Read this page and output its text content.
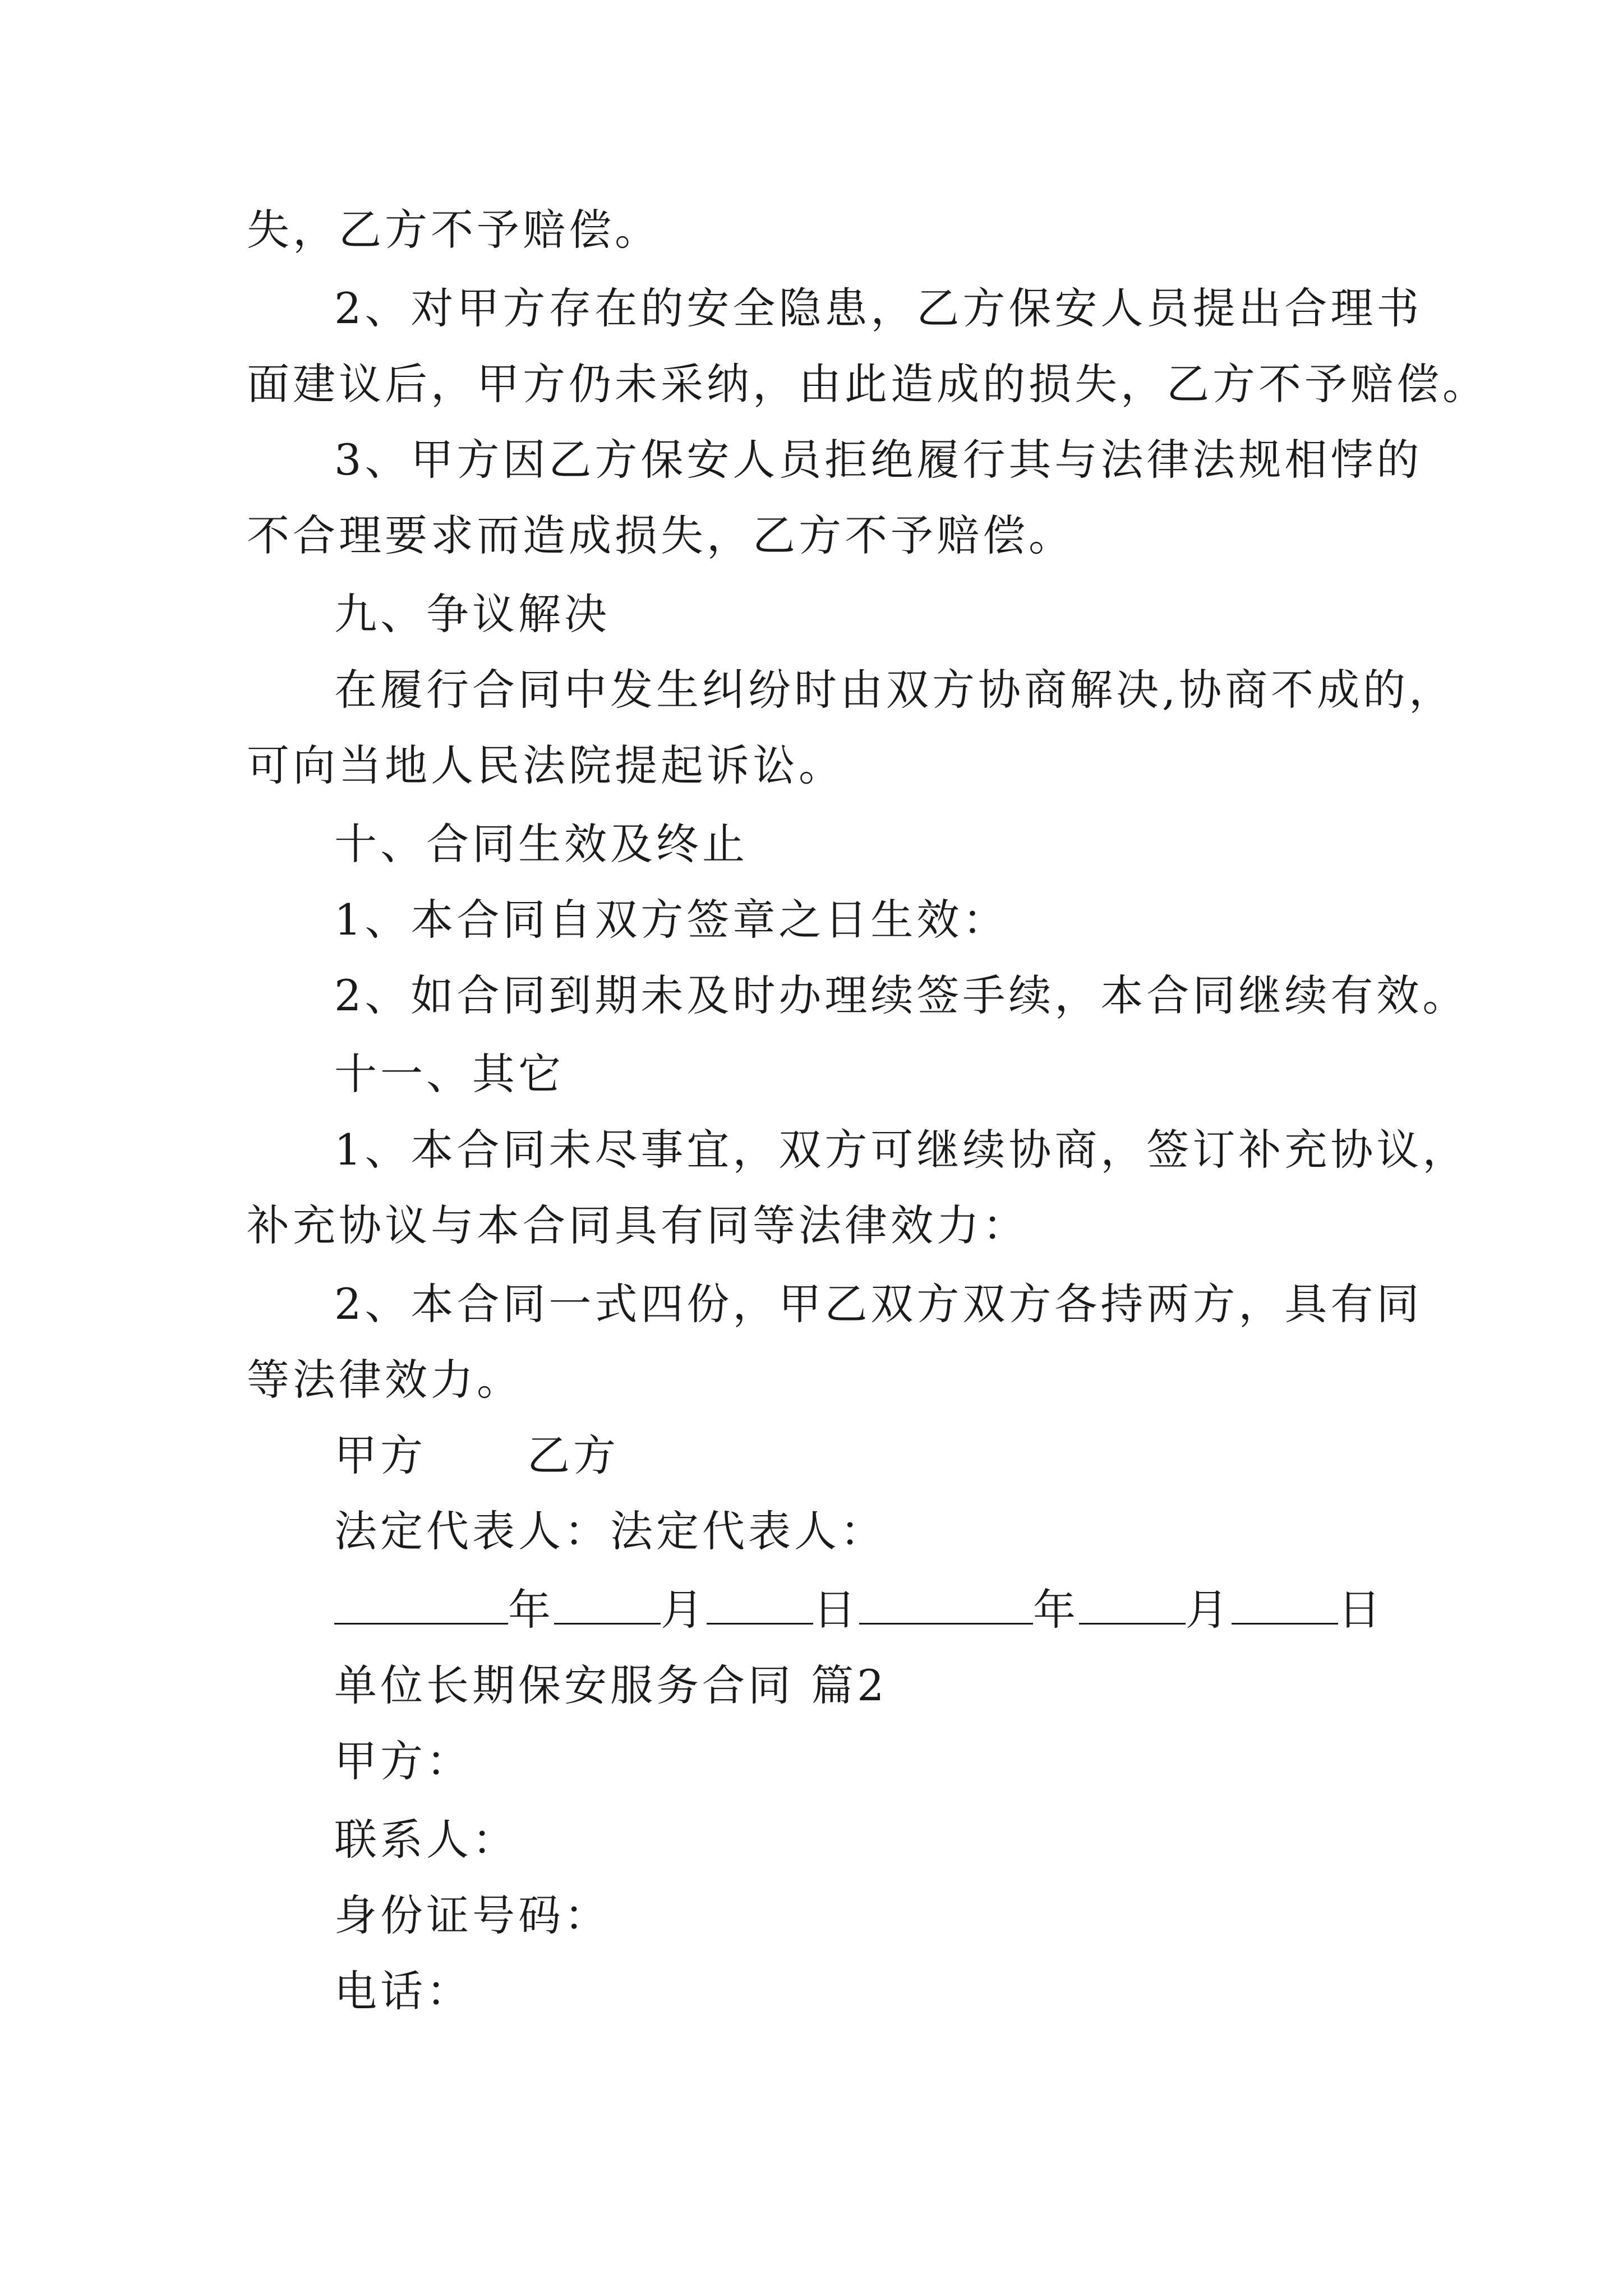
失，乙方不予赔偿。
2、对甲方存在的安全隐患，乙方保安人员提出合理书
面建议后，甲方仍未采纳，由此造成的损失，乙方不予赔偿。
3、甲方因乙方保安人员拒绝履行其与法律法规相悖的
不合理要求而造成损失，乙方不予赔偿。
九、争议解决
在履行合同中发生纠纷时由双方协商解决,协商不成的，
可向当地人民法院提起诉讼。
十、合同生效及终止
1、本合同自双方签章之日生效：
2、如合同到期未及时办理续签手续，本合同继续有效。
十一、其它
1、本合同未尽事宜，双方可继续协商，签订补充协议，
补充协议与本合同具有同等法律效力：
2、本合同一式四份，甲乙双方双方各持两方，具有同
等法律效力。
甲方 乙方
法定代表人：法定代表人：
年	月	日	年	月	日
单位长期保安服务合同 篇2
甲方：
联系人：
身份证号码：
电话：
